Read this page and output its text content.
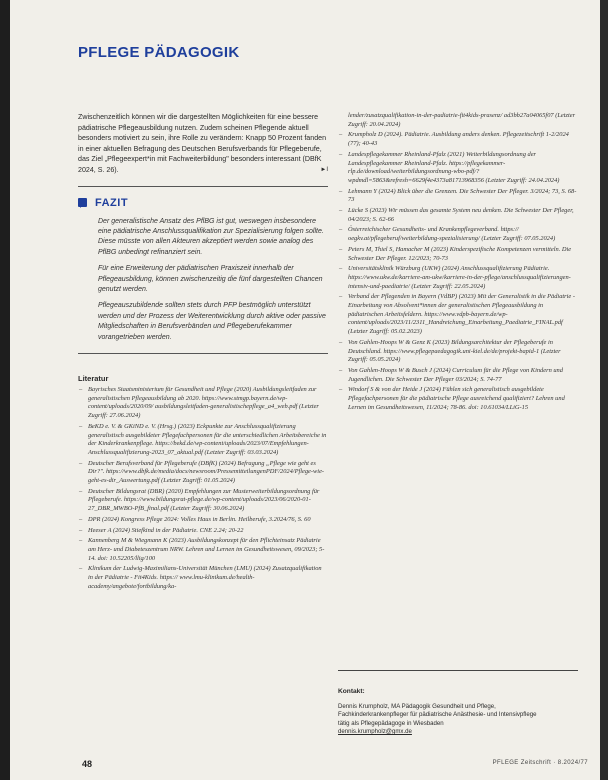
PFLEGE PÄDAGOGIK

Zwischenzeitlich können wir die dargestellten Möglichkeiten für eine bessere pädiatrische Pflegeausbildung nutzen. Zudem scheinen Pflegende aktuell besonders motiviert zu sein, ihre Rolle zu verändern: Knapp 50 Prozent fanden in einer aktuellen Befragung des Deutschen Berufsverbands für Pflegeberufe, das Ziel „Pflegeexpert*in mit Fachweiterbildung" besonders interessant (DBfK 2024, S. 26).	►I

FAZIT

Der generalistische Ansatz des PflBG ist gut, weswegen insbesondere eine pädiatrische Anschlussqualifikation zur Spezialisierung folgen sollte. Diese müsste von allen Akteuren akzeptiert werden sowie analog des PflBG unbedingt refinanziert sein.

Für eine Erweiterung der pädiatrischen Praxiszeit innerhalb der Pflegeausbildung, können zwischenzeitig die fünf dargestellten Chancen genutzt werden.

Pflegeauszubildende sollten stets durch PFP bestmöglich unterstützt werden und der Prozess der Weiterentwicklung durch aktive oder passive Mitgliedschaften in Berufsverbänden und Pflegeberufekammer vorangetrieben werden.

Literatur

_ Bayrisches Staatsministerium für Gesundheit und Pflege (2020) Ausbildungsleitfaden zur generalistischen Pflegeausbildung ab 2020. https://www.stmgp.bayern.de/wp-content/uploads/2020/09/ ausbildungsleitfaden-generalistischepflege_a4_web.pdf (Letzter Zugriff: 27.06.2024)

_ BeKD e. V. & GKiND e. V. (Hrsg.) (2023) Eckpunkte zur Anschlussqualifizierung generalistisch ausgebildeter Pflegefachpersonen für die unterschiedlichen Arbeitsbereiche in der Kinderkrankenpflege. https://bekd.de/wp-content/uploads/2023/07/Empfehlungen-Anschlussqualifizierung-2023_07_aktual.pdf (Letzter Zugriff: 03.03.2024)

_ Deutscher Berufsverband für Pflegeberufe (DBfK) (2024) Befragung „Pflege wie geht es Dir?". https://www.dbfk.de/media/docs/newsroom/PressemitteilungenPDF/2024/Pflege-wie-geht-es-dir_Auswertung.pdf (Letzter Zugriff: 01.05.2024)

_ Deutscher Bildungsrat (DBR) (2020) Empfehlungen zur Musterweiterbildungsordnung für Pflegeberufe. https://www.bildungsrat-pflege.de/wp-content/uploads/2023/06/2020-01-27_DBR_MWBO-PfB_final.pdf (Letzter Zugriff: 30.06.2024)

_ DPR (2024) Kongress Pflege 2024: Volles Haus in Berlin. Heilberufe, 3.2024/76, S. 60

_ Heeser A (2024) Stiefkind in der Pädiatrie. CNE 2.24; 20-22

_ Kannenberg M & Wiegmann K (2023) Ausbildungskonzept für den Pflichteinsatz Pädiatrie am Herz- und Diabeteszentrum NRW. Lehren und Lernen im Gesundheitswesen, 09/2023; 5-14. doi: 10.52205/llig/100

_ Klinikum der Ludwig-Maximilians-Universität München (LMU) (2024) Zusatzqualifikation in der Pädiatrie - Fit4Kids. https:// www.lmu-klinikum.de/health-academy/angebote/fortbildung/ka-

lender/zusatzqualifikation-in-der-padiatrie-fit4kids-prasenz/ ad3bb27a04065f07 (Letzter Zugriff: 20.04.2024)

_ Krumpholz D (2024). Pädiatrie. Ausbildung anders denken. Pflegezeitschrift 1-2/2024 (77); 40-43

_ Landespflegekammer Rheinland-Pfalz (2021) Weiterbildungsordnung der Landespflegekammer Rheinland-Pfalz. https://pflegekammer-rlp.de/download/weiterbildungsordnung-wbo-pdf/?wpdmdl=5863&refresh=6629f4e4373a81713968356 (Letzter Zugriff: 24.04.2024)

_ Lehmann Y (2024) Blick über die Grenzen. Die Schwester Der Pfleger. 3/2024; 73, S. 68-73

_ Lücke S (2023) Wir müssen das gesamte System neu denken. Die Schwester Der Pfleger, 04/2023; S. 62-66

_ Österreichischer Gesundheits- und Krankenpflegeverband. https:// oegkv.at/pflegeberuf/weiterbildung-spezialisierung/ (Letzter Zugriff: 07.05.2024)

_ Peters M, Thiel S, Hamacher M (2023) Kinderspezifische Kompetenzen vermitteln. Die Schwester Der Pfleger. 12/2023; 70-73

_ Universitätsklinik Würzburg (UKW) (2024) Anschlussqualifizierung Pädiatrie. https://www.ukw.de/karriere-am-ukw/karriere-in-der-pflege/anschlussqualifizierungen-intensiv-und-paediatrie/ (Letzter Zugriff: 22.05.2024)

_ Verband der Pflegenden in Bayern (VdBP) (2023) Mit der Generalistik in die Pädiatrie - Einarbeitung von Absolvent*innen der generalistischen Pflegeausbildung in pädiatrischen Arbeitsfeldern. https://www.vdpb-bayern.de/wp-content/uploads/2023/11/2311_Handreichung_Einarbeitung_Paediatrie_FINAL.pdf (Letzter Zugriff: 05.02.2023)

_ Von Gahlen-Hoops W & Genz K (2023) Bildungsarchitektur der Pflegeberufe in Deutschland. https://www.pflegepaedagogik.uni-kiel.de/de/projekt-bapid-1 (Letzter Zugriff: 05.05.2024)

_ Von Gahlen-Hoops W & Busch J (2024) Curriculum für die Pflege von Kindern und Jugendlichen. Die Schwester Der Pfleger 03/2024; S. 74-77

_ Windorf S & von der Heide J (2024) Fühlen sich generalistisch ausgebildete Pflegefachpersonen für die pädiatrische Pflege ausreichend qualifiziert? Lehren und Lernen im Gesundheitswesen, 11/2024; 78-86. doi: 10.61034/LLiG-15

Kontakt:
Dennis Krumpholz, MA Pädagogik Gesundheit und Pflege,
Fachkinderkrankenpfleger für pädiatrische Anästhesie- und Intensivpflege
tätig als Pflegepädagoge in Wiesbaden
dennis.krumpholz@gmx.de
48	PFLEGE Zeitschrift · 8.2024/77
